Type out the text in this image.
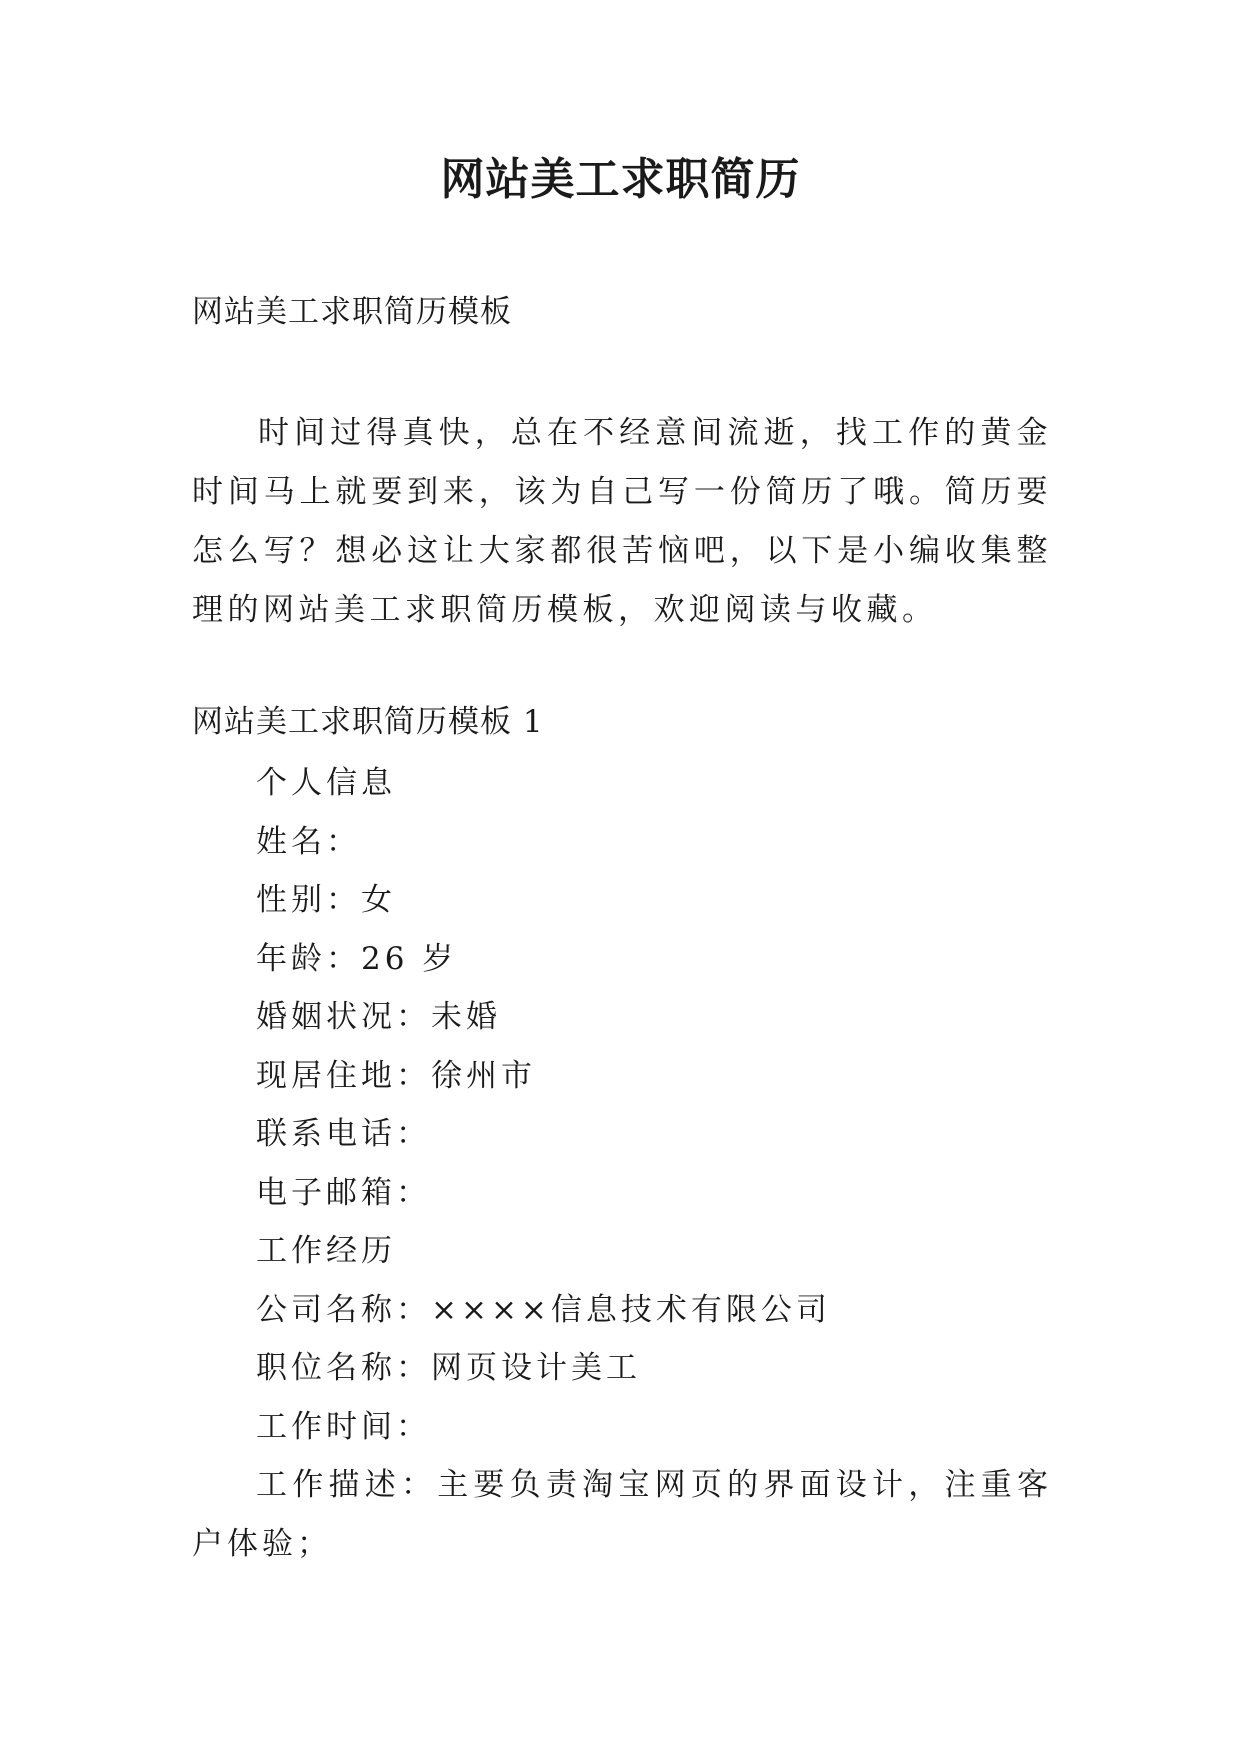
网站美工求职简历

网站美工求职简历模板

时间过得真快，总在不经意间流逝，找工作的黄金时间马上就要到来，该为自己写一份简历了哦。简历要怎么写？想必这让大家都很苦恼吧，以下是小编收集整理的网站美工求职简历模板，欢迎阅读与收藏。

网站美工求职简历模板 1

个人信息
姓名：
性别：女
年龄：26 岁
婚姻状况：未婚
现居住地：徐州市
联系电话：
电子邮箱：
工作经历
公司名称：××××信息技术有限公司
职位名称：网页设计美工
工作时间：
工作描述：主要负责淘宝网页的界面设计，注重客户体验；
